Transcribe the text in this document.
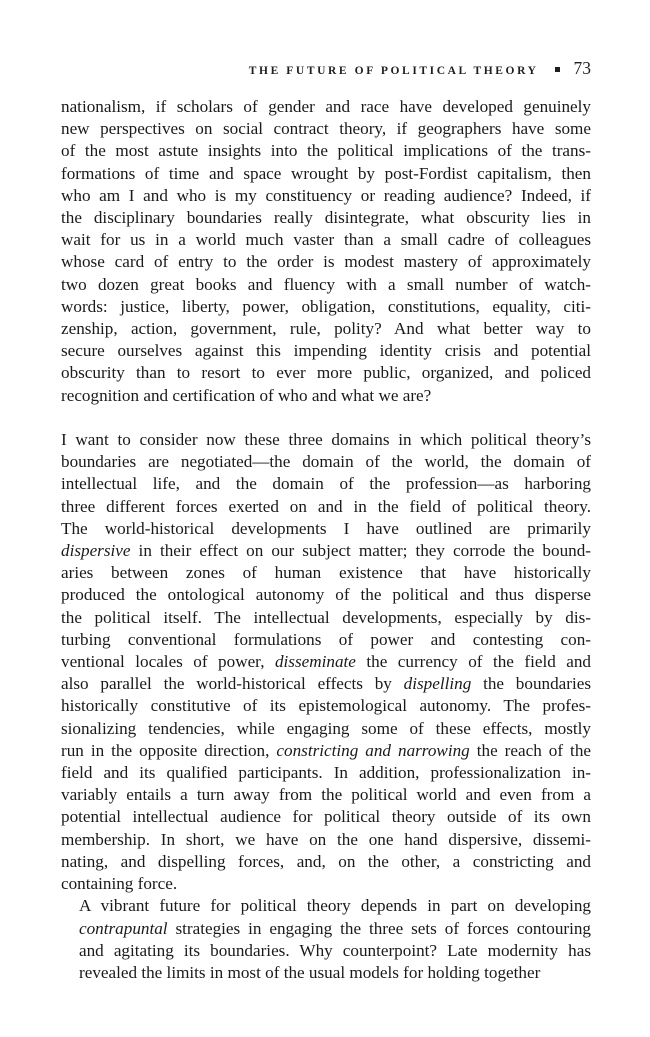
THE FUTURE OF POLITICAL THEORY 73

nationalism, if scholars of gender and race have developed genuinely
new perspectives on social contract theory, if geographers have some
of the most astute insights into the political implications of the trans-
formations of time and space wrought by post-Fordist capitalism, then
who am I and who is my constituency or reading audience? Indeed, if
the disciplinary boundaries really disintegrate, what obscurity lies in
wait for us in a world much vaster than a small cadre of colleagues
whose card of entry to the order is modest mastery of approximately
two dozen great books and fluency with a small number of watch-
words: justice, liberty, power, obligation, constitutions, equality, citi-
zenship, action, government, rule, polity? And what better way to
secure ourselves against this impending identity crisis and potential
obscurity than to resort to ever more public, organized, and policed
recognition and certification of who and what we are?

I want to consider now these three domains in which political theory’s
boundaries are negotiated—the domain of the world, the domain of
intellectual life, and the domain of the profession—as harboring
three different forces exerted on and in the field of political theory.
The world-historical developments I have outlined are primarily
dispersive in their effect on our subject matter; they corrode the bound-
aries between zones of human existence that have historically
produced the ontological autonomy of the political and thus disperse
the political itself. The intellectual developments, especially by dis-
turbing conventional formulations of power and contesting con-
ventional locales of power, disseminate the currency of the field and
also parallel the world-historical effects by dispelling the boundaries
historically constitutive of its epistemological autonomy. The profes-
sionalizing tendencies, while engaging some of these effects, mostly
run in the opposite direction, constricting and narrowing the reach of the
field and its qualified participants. In addition, professionalization in-
variably entails a turn away from the political world and even from a
potential intellectual audience for political theory outside of its own
membership. In short, we have on the one hand dispersive, dissemi-
nating, and dispelling forces, and, on the other, a constricting and
containing force.

A vibrant future for political theory depends in part on developing
contrapuntal strategies in engaging the three sets of forces contouring
and agitating its boundaries. Why counterpoint? Late modernity has
revealed the limits in most of the usual models for holding together
